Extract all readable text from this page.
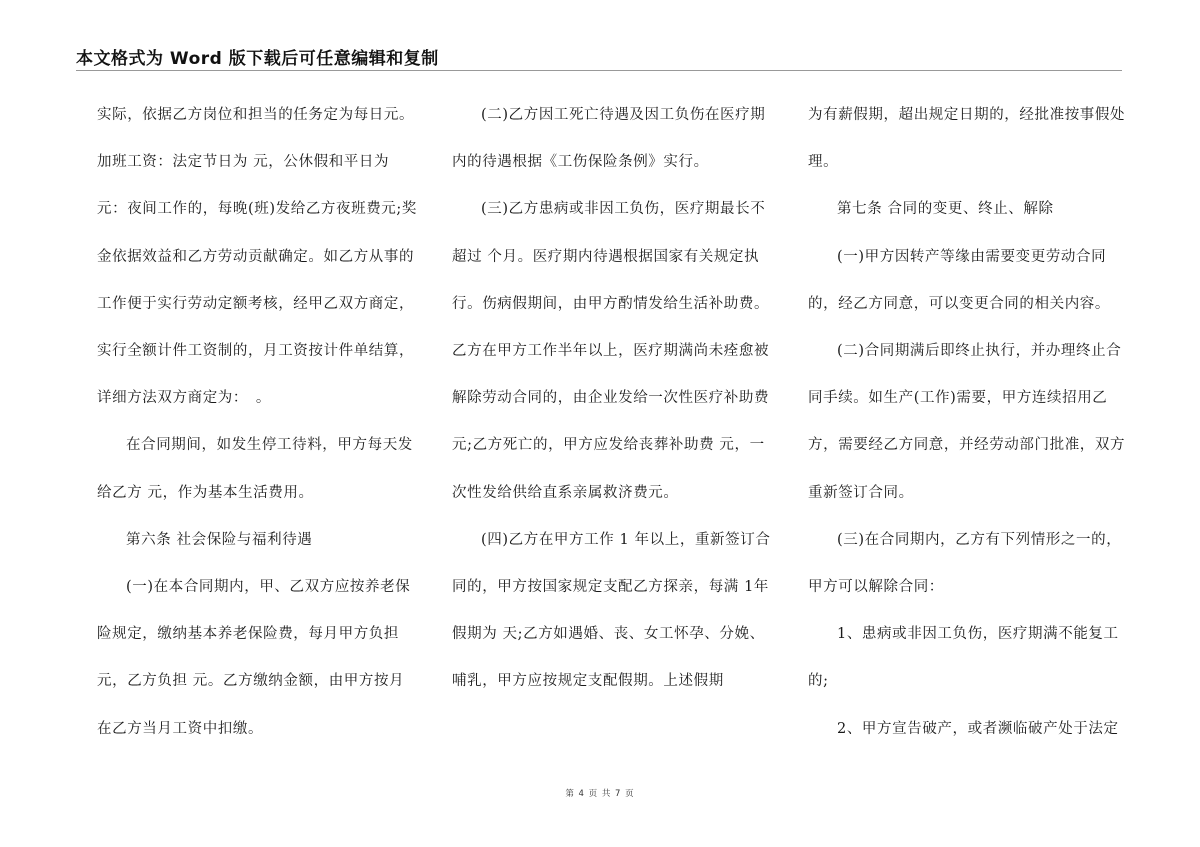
本文格式为 Word 版下载后可任意编辑和复制

实际，依据乙方岗位和担当的任务定为每日元。加班工资：法定节日为 元，公休假和平日为 元：夜间工作的，每晚(班)发给乙方夜班费元;奖金依据效益和乙方劳动贡献确定。如乙方从事的工作便于实行劳动定额考核，经甲乙双方商定，实行全额计件工资制的，月工资按计件单结算，详细方法双方商定为：　。

在合同期间，如发生停工待料，甲方每天发给乙方 元，作为基本生活费用。

第六条 社会保险与福利待遇

(一)在本合同期内，甲、乙双方应按养老保险规定，缴纳基本养老保险费，每月甲方负担元，乙方负担 元。乙方缴纳金额，由甲方按月在乙方当月工资中扣缴。

(二)乙方因工死亡待遇及因工负伤在医疗期内的待遇根据《工伤保险条例》实行。

(三)乙方患病或非因工负伤，医疗期最长不超过 个月。医疗期内待遇根据国家有关规定执行。伤病假期间，由甲方酌情发给生活补助费。乙方在甲方工作半年以上，医疗期满尚未痊愈被解除劳动合同的，由企业发给一次性医疗补助费 元;乙方死亡的，甲方应发给丧葬补助费 元，一次性发给供给直系亲属救济费元。

(四)乙方在甲方工作 1 年以上，重新签订合同的，甲方按国家规定支配乙方探亲，每满 1年假期为 天;乙方如遇婚、丧、女工怀孕、分娩、哺乳，甲方应按规定支配假期。上述假期

为有薪假期，超出规定日期的，经批准按事假处理。

第七条 合同的变更、终止、解除

(一)甲方因转产等缘由需要变更劳动合同的，经乙方同意，可以变更合同的相关内容。

(二)合同期满后即终止执行，并办理终止合同手续。如生产(工作)需要，甲方连续招用乙方，需要经乙方同意，并经劳动部门批准，双方重新签订合同。

(三)在合同期内，乙方有下列情形之一的，甲方可以解除合同：

1、患病或非因工负伤，医疗期满不能复工的;

2、甲方宣告破产，或者濒临破产处于法定

第 4 页 共 7 页
